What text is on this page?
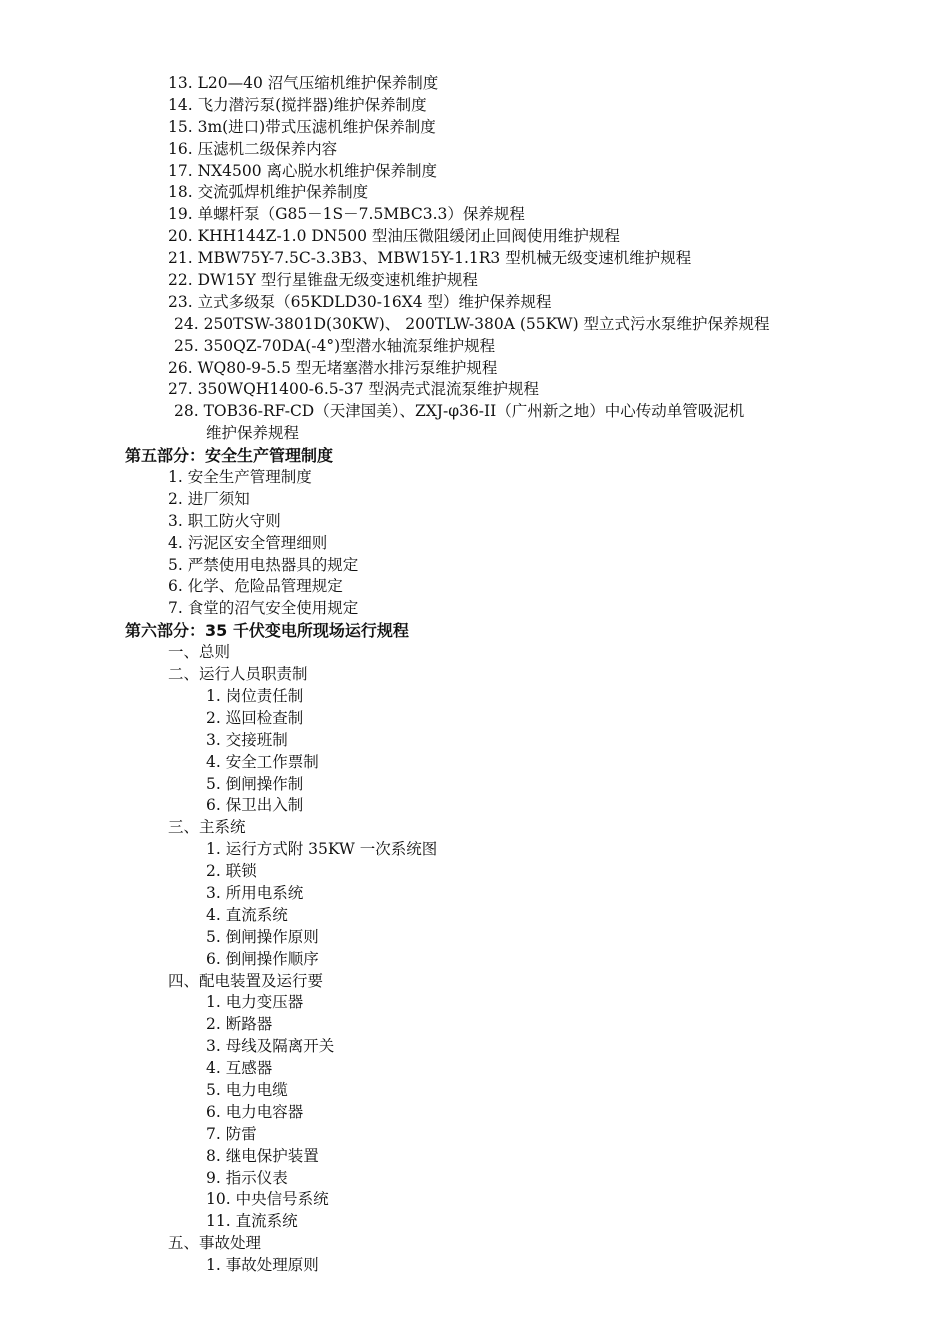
13. L20—40 沼气压缩机维护保养制度
14. 飞力潜污泵(搅拌器)维护保养制度
15. 3m(进口)带式压滤机维护保养制度
16. 压滤机二级保养内容
17. NX4500 离心脱水机维护保养制度
18. 交流弧焊机维护保养制度
19. 单螺杆泵（G85－1S－7.5MBC3.3）保养规程
20. KHH144Z-1.0 DN500 型油压微阻缓闭止回阀使用维护规程
21. MBW75Y-7.5C-3.3B3、MBW15Y-1.1R3 型机械无级变速机维护规程
22. DW15Y 型行星锥盘无级变速机维护规程
23. 立式多级泵（65KDLD30-16X4 型）维护保养规程
24. 250TSW-3801D(30KW)、 200TLW-380A (55KW) 型立式污水泵维护保养规程
25. 350QZ-70DA(-4°)型潜水轴流泵维护规程
26. WQ80-9-5.5 型无堵塞潜水排污泵维护规程
27. 350WQH1400-6.5-37 型涡壳式混流泵维护规程
28. TOB36-RF-CD（天津国美）、ZXJ-φ36-II（广州新之地）中心传动单管吸泥机
维护保养规程
第五部分：安全生产管理制度
1. 安全生产管理制度
2. 进厂须知
3. 职工防火守则
4. 污泥区安全管理细则
5. 严禁使用电热器具的规定
6. 化学、危险品管理规定
7. 食堂的沼气安全使用规定
第六部分：35 千伏变电所现场运行规程
一、总则
二、运行人员职责制
1. 岗位责任制
2. 巡回检查制
3. 交接班制
4. 安全工作票制
5. 倒闸操作制
6. 保卫出入制
三、主系统
1. 运行方式附 35KW 一次系统图
2. 联锁
3. 所用电系统
4. 直流系统
5. 倒闸操作原则
6. 倒闸操作顺序
四、配电装置及运行要
1. 电力变压器
2. 断路器
3. 母线及隔离开关
4. 互感器
5. 电力电缆
6. 电力电容器
7. 防雷
8. 继电保护装置
9. 指示仪表
10. 中央信号系统
11. 直流系统
五、事故处理
1. 事故处理原则
